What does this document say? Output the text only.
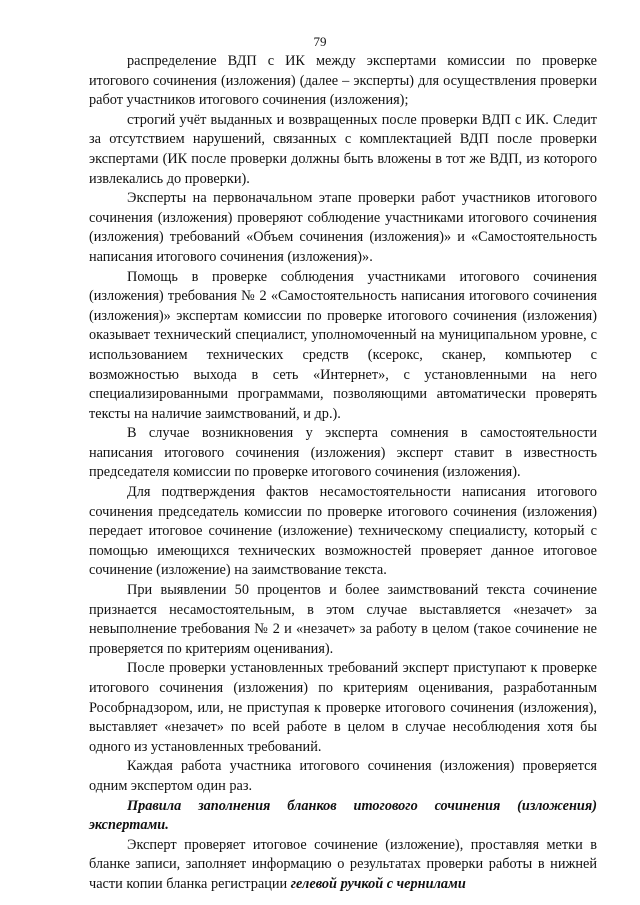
79

распределение ВДП с ИК между экспертами комиссии по проверке итогового сочинения (изложения) (далее – эксперты) для осуществления проверки работ участников итогового сочинения (изложения);

строгий учёт выданных и возвращенных после проверки ВДП с ИК. Следит за отсутствием нарушений, связанных с комплектацией ВДП после проверки экспертами (ИК после проверки должны быть вложены в тот же ВДП, из которого извлекались до проверки).

Эксперты на первоначальном этапе проверки работ участников итогового сочинения (изложения) проверяют соблюдение участниками итогового сочинения (изложения) требований «Объем сочинения (изложения)» и «Самостоятельность написания итогового сочинения (изложения)».

Помощь в проверке соблюдения участниками итогового сочинения (изложения) требования № 2 «Самостоятельность написания итогового сочинения (изложения)» экспертам комиссии по проверке итогового сочинения (изложения) оказывает технический специалист, уполномоченный на муниципальном уровне, с использованием технических средств (ксерокс, сканер, компьютер с возможностью выхода в сеть «Интернет», с установленными на него специализированными программами, позволяющими автоматически проверять тексты на наличие заимствований, и др.).

В случае возникновения у эксперта сомнения в самостоятельности написания итогового сочинения (изложения) эксперт ставит в известность председателя комиссии по проверке итогового сочинения (изложения).

Для подтверждения фактов несамостоятельности написания итогового сочинения председатель комиссии по проверке итогового сочинения (изложения) передает итоговое сочинение (изложение) техническому специалисту, который с помощью имеющихся технических возможностей проверяет данное итоговое сочинение (изложение) на заимствование текста.

При выявлении 50 процентов и более заимствований текста сочинение признается несамостоятельным, в этом случае выставляется «незачет» за невыполнение требования № 2 и «незачет» за работу в целом (такое сочинение не проверяется по критериям оценивания).

После проверки установленных требований эксперт приступают к проверке итогового сочинения (изложения) по критериям оценивания, разработанным Рособрнадзором, или, не приступая к проверке итогового сочинения (изложения), выставляет «незачет» по всей работе в целом в случае несоблюдения хотя бы одного из установленных требований.

Каждая работа участника итогового сочинения (изложения) проверяется одним экспертом один раз.

Правила заполнения бланков итогового сочинения (изложения) экспертами.

Эксперт проверяет итоговое сочинение (изложение), проставляя метки в бланке записи, заполняет информацию о результатах проверки работы в нижней части копии бланка регистрации гелевой ручкой с чернилами
